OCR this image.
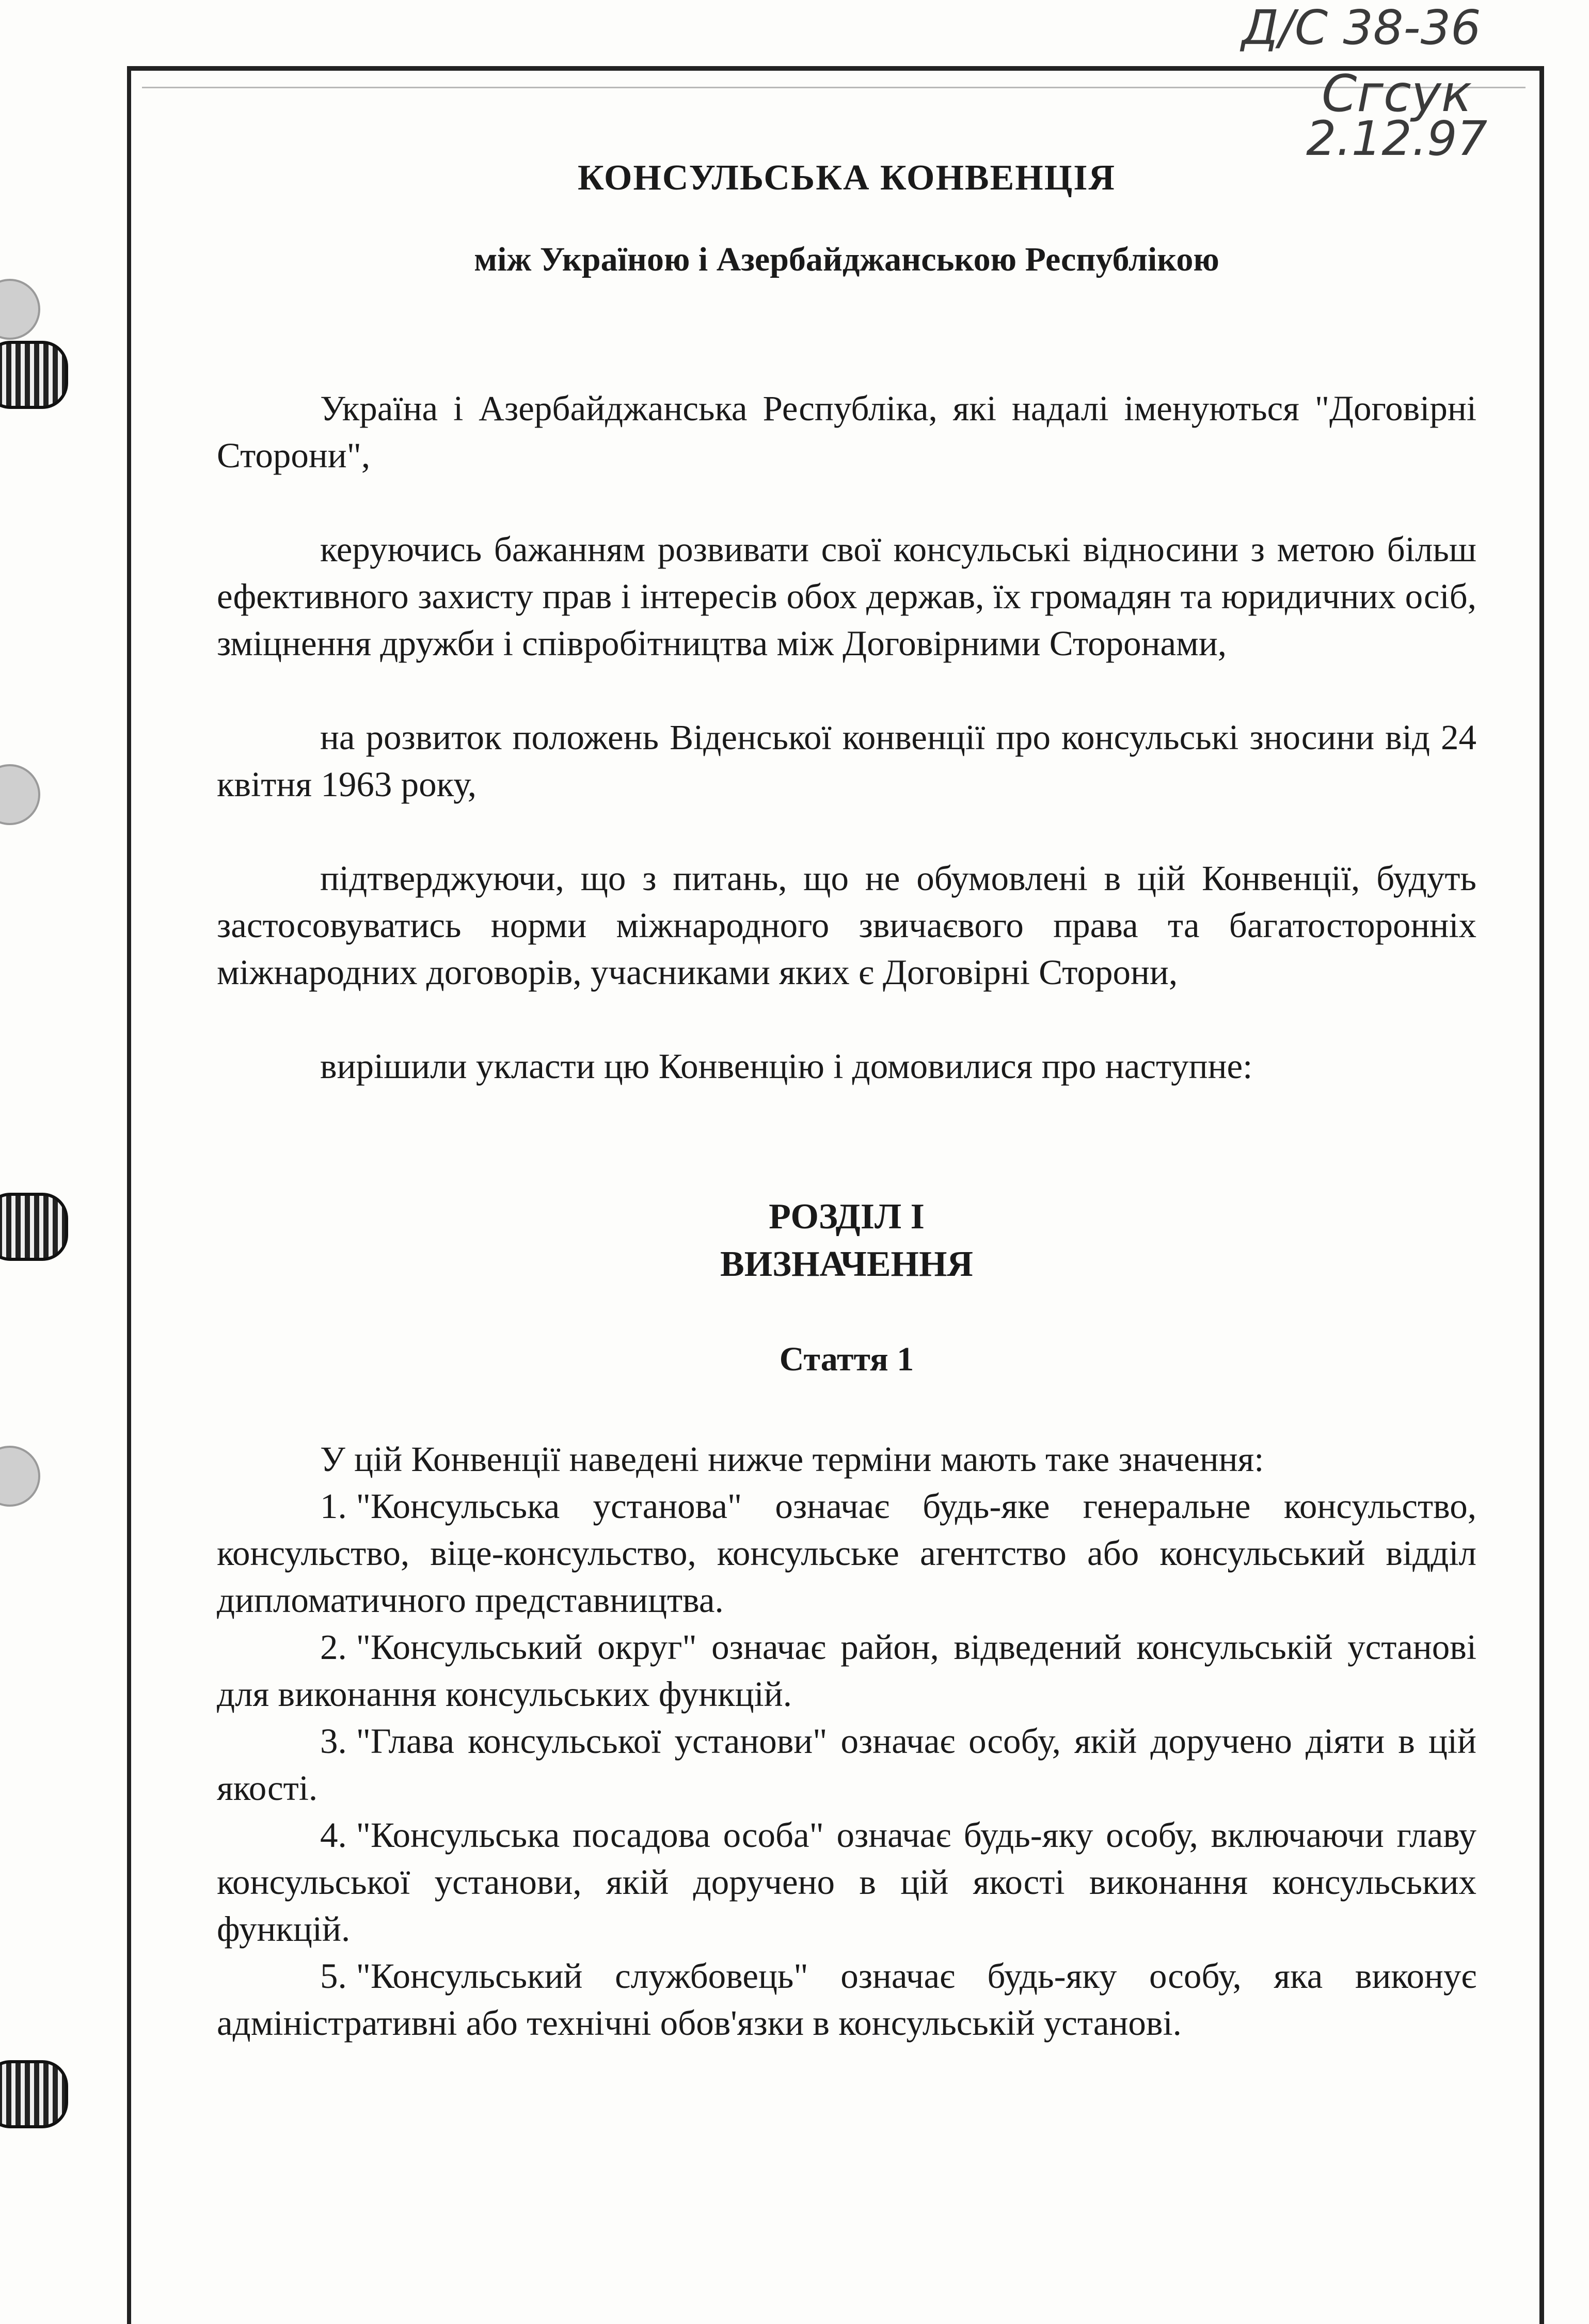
Д/С 38-36
Сгсук
2.12.97
КОНСУЛЬСЬКА КОНВЕНЦІЯ
між Україною і Азербайджанською Республікою

Україна і Азербайджанська Республіка, які надалі іменуються "Договірні Сторони",

керуючись бажанням розвивати свої консульські відносини з метою більш ефективного захисту прав і інтересів обох держав, їх громадян та юридичних осіб, зміцнення дружби і співробітництва між Договірними Сторонами,

на розвиток положень Віденської конвенції про консульські зносини від 24 квітня 1963 року,

підтверджуючи, що з питань, що не обумовлені в цій Конвенції, будуть застосовуватись норми міжнародного звичаєвого права та багатосторонніх міжнародних договорів, учасниками яких є Договірні Сторони,

вирішили укласти цю Конвенцію і домовилися про наступне:

РОЗДІЛ І
ВИЗНАЧЕННЯ
Стаття 1

У цій Конвенції наведені нижче терміни мають таке значення:

1. "Консульська установа" означає будь-яке генеральне консульство, консульство, віце-консульство, консульське агентство або консульський відділ дипломатичного представництва.

2. "Консульський округ" означає район, відведений консульській установі для виконання консульських функцій.

3. "Глава консульської установи" означає особу, якій доручено діяти в цій якості.

4. "Консульська посадова особа" означає будь-яку особу, включаючи главу консульської установи, якій доручено в цій якості виконання консульських функцій.

5. "Консульський службовець" означає будь-яку особу, яка виконує адміністративні або технічні обов'язки в консульській установі.
